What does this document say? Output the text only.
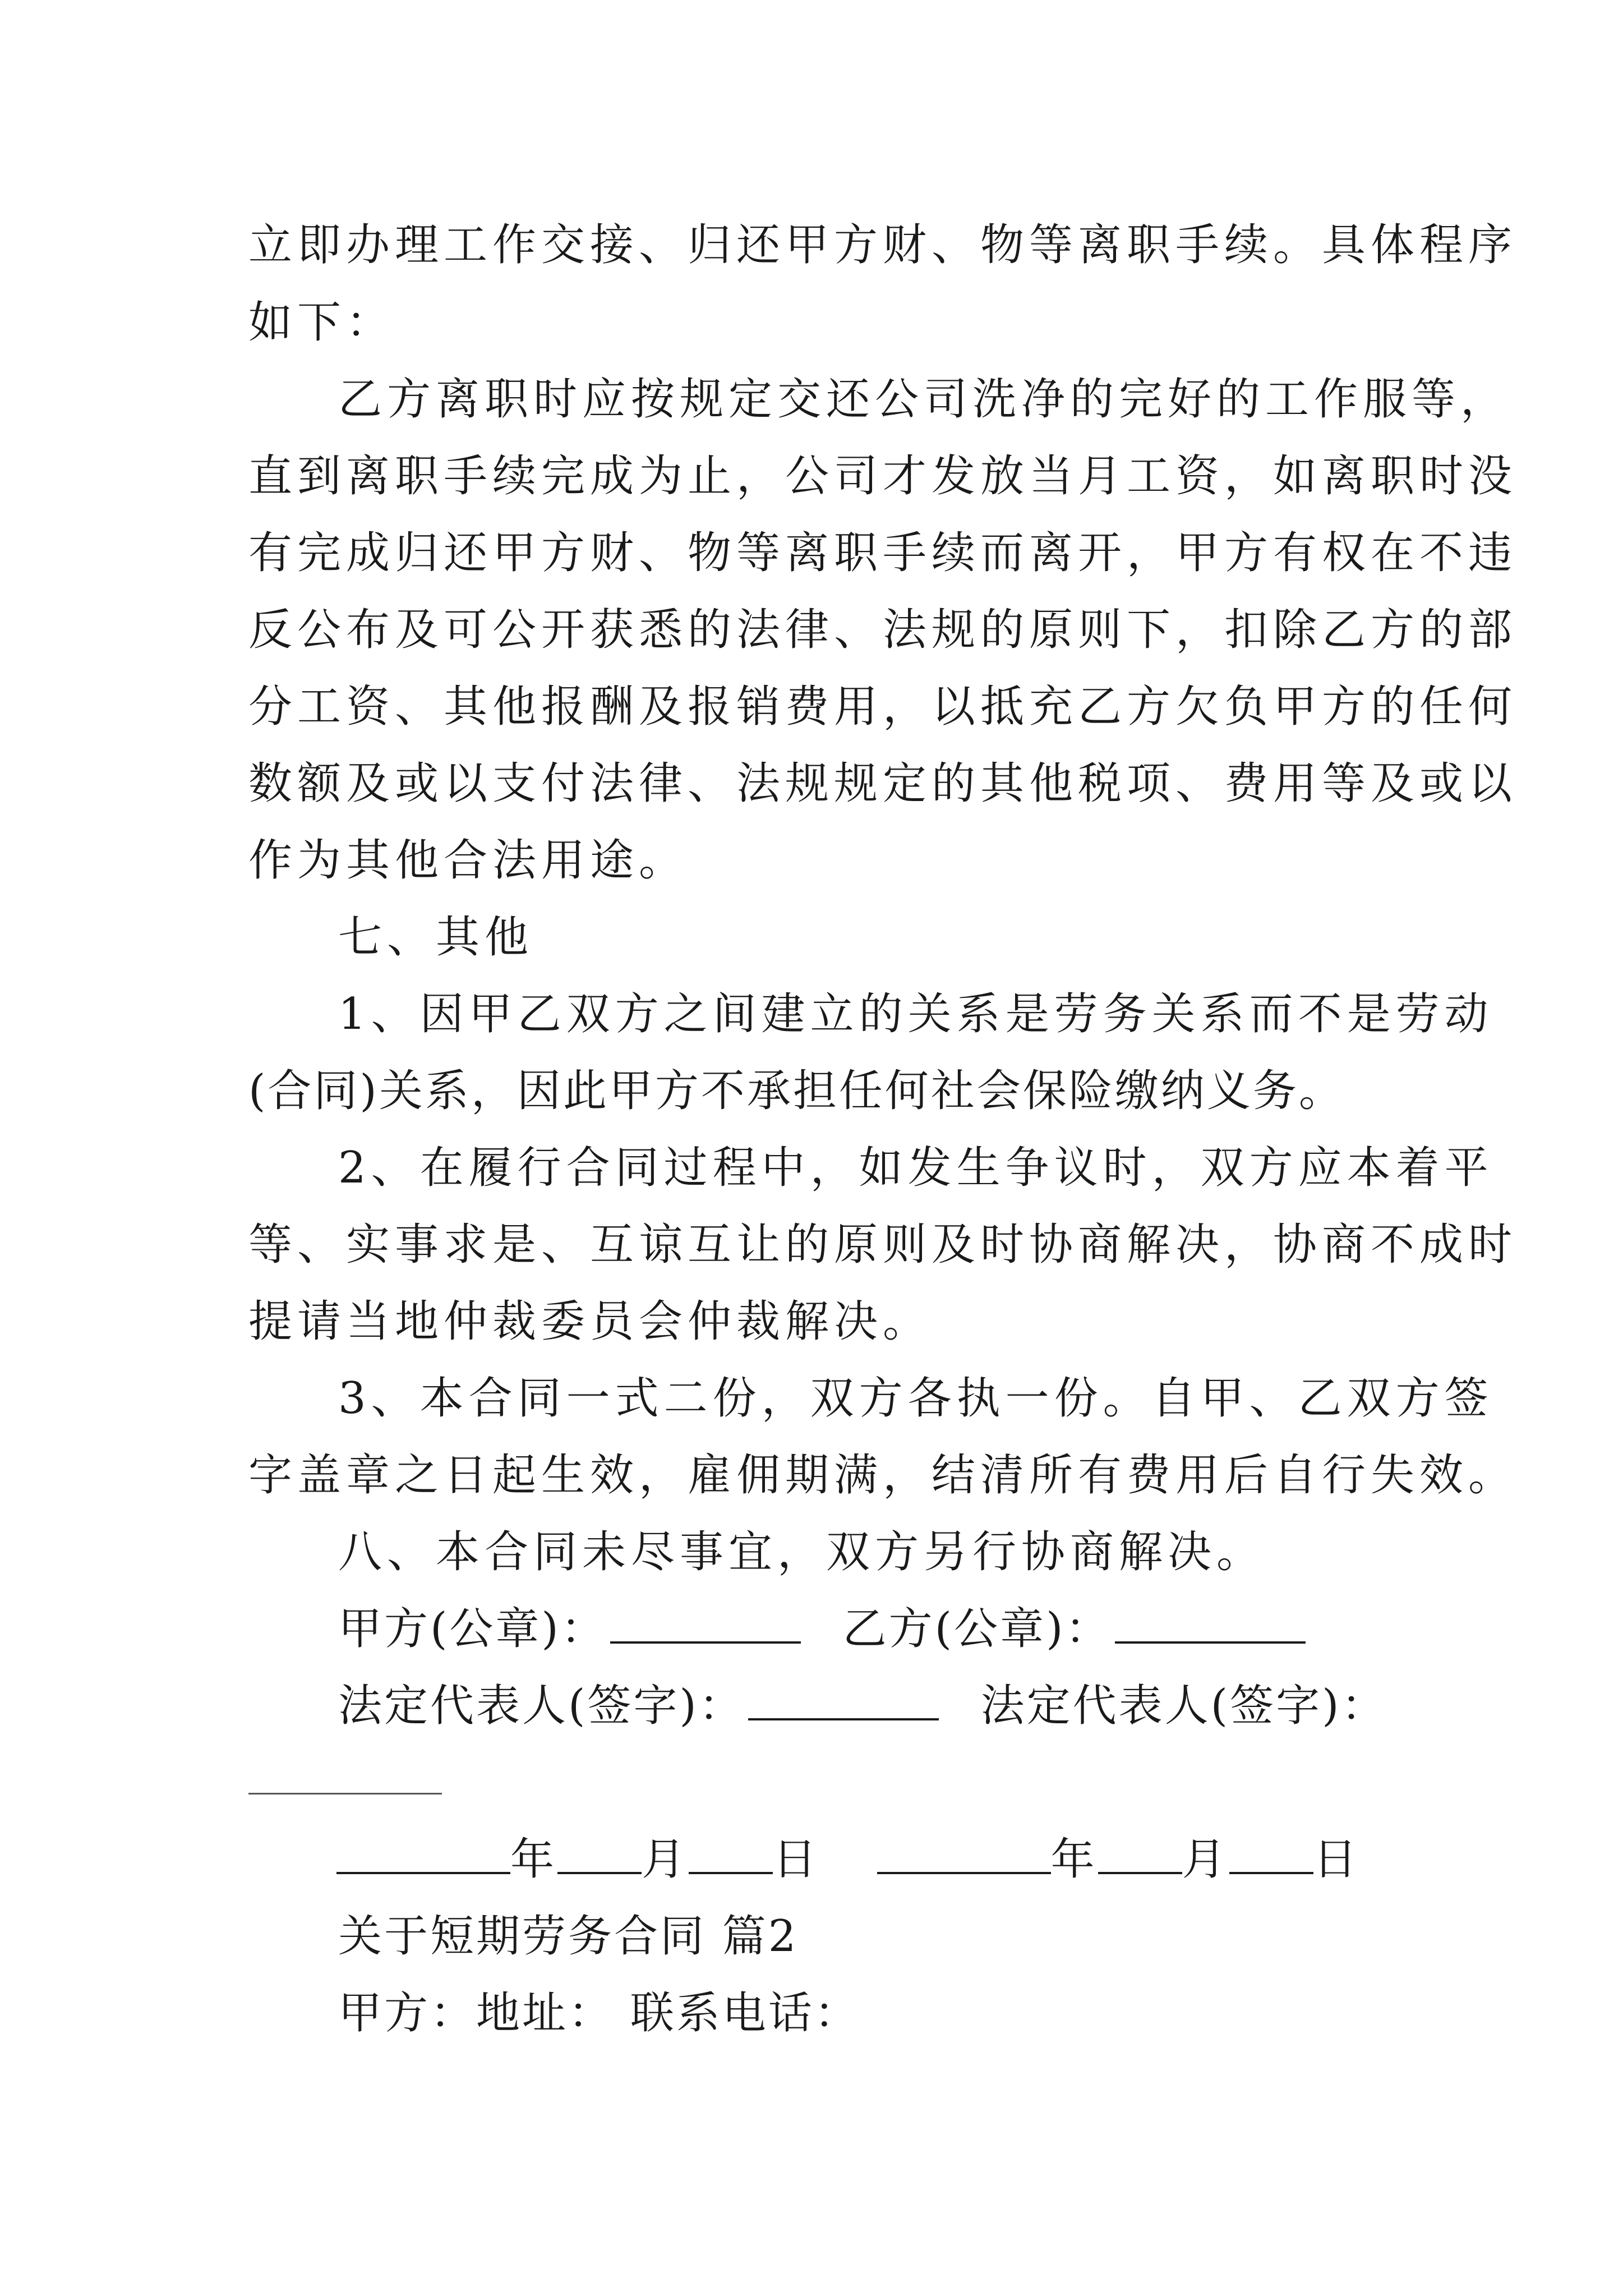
立即办理工作交接、归还甲方财、物等离职手续。具体程序
如下：
乙方离职时应按规定交还公司洗净的完好的工作服等，
直到离职手续完成为止，公司才发放当月工资，如离职时没
有完成归还甲方财、物等离职手续而离开，甲方有权在不违
反公布及可公开获悉的法律、法规的原则下，扣除乙方的部
分工资、其他报酬及报销费用，以抵充乙方欠负甲方的任何
数额及或以支付法律、法规规定的其他税项、费用等及或以
作为其他合法用途。
七、其他
1、因甲乙双方之间建立的关系是劳务关系而不是劳动
(合同)关系，因此甲方不承担任何社会保险缴纳义务。
2、在履行合同过程中，如发生争议时，双方应本着平
等、实事求是、互谅互让的原则及时协商解决，协商不成时
提请当地仲裁委员会仲裁解决。
3、本合同一式二份，双方各执一份。自甲、乙双方签
字盖章之日起生效，雇佣期满，结清所有费用后自行失效。
八、本合同未尽事宜，双方另行协商解决。
甲方(公章)：	乙方(公章)：
法定代表人(签字)：	法定代表人(签字)：
年 月 日	年 月 日
关于短期劳务合同 篇2
甲方：地址： 联系电话：
